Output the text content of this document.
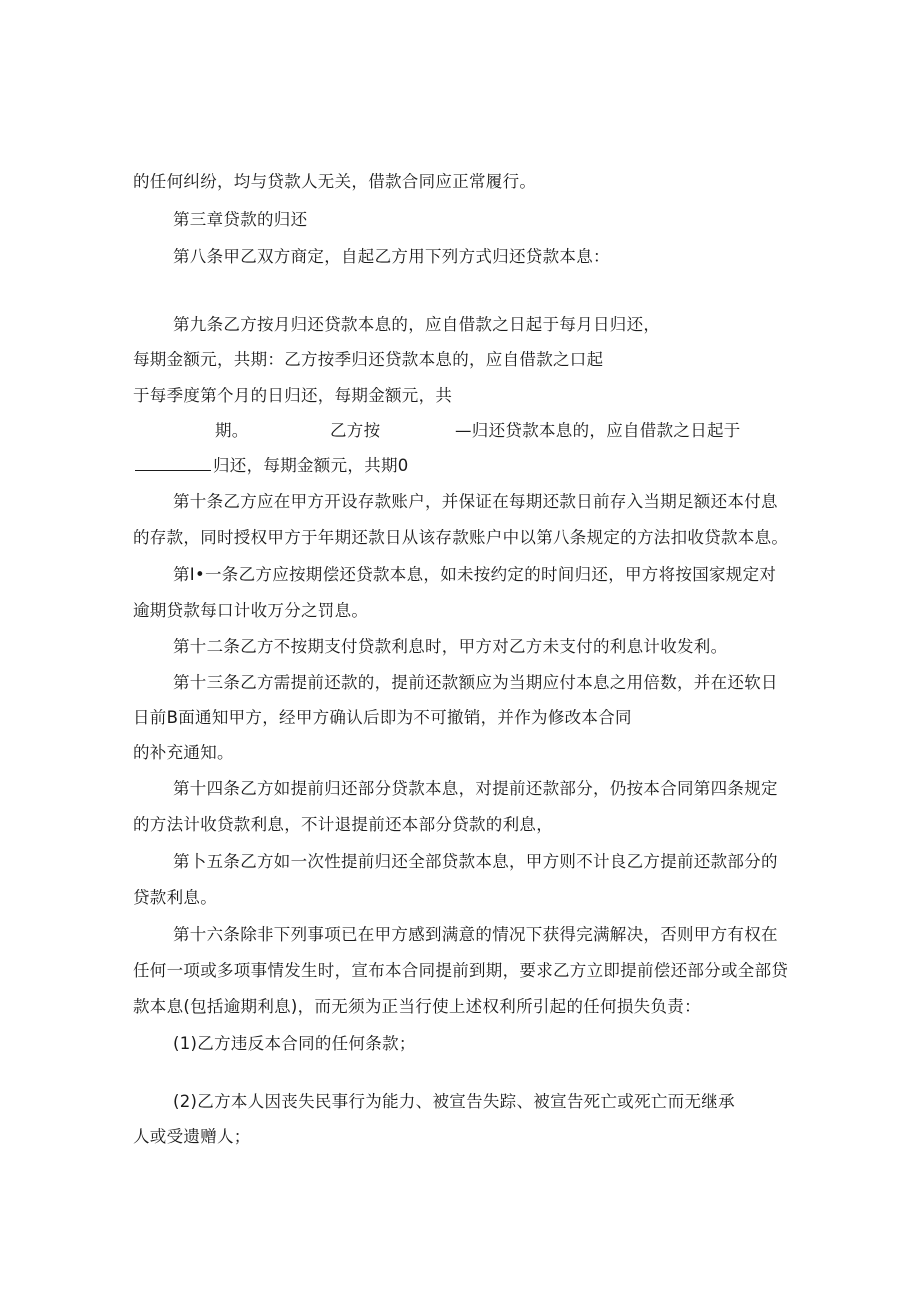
的任何纠纷，均与贷款人无关，借款合同应正常履行。
第三章贷款的归还
第八条甲乙双方商定，自起乙方用下列方式归还贷款本息：
第九条乙方按月归还贷款本息的，应自借款之日起于每月日归还，
每期金额元，共期：乙方按季归还贷款本息的，应自借款之口起
于每季度第个月的日归还，每期金额元，共
期。	乙方按	—归还贷款本息的，应自借款之日起于
归还，每期金额元，共期0
第十条乙方应在甲方开设存款账户，并保证在每期还款日前存入当期足额还本付息
的存款，同时授权甲方于年期还款日从该存款账户中以第八条规定的方法扣收贷款本息。
第I•一条乙方应按期偿还贷款本息，如未按约定的时间归还，甲方将按国家规定对
逾期贷款每口计收万分之罚息。
第十二条乙方不按期支付贷款利息时，甲方对乙方未支付的利息计收发利。
第十三条乙方需提前还款的，提前还款额应为当期应付本息之用倍数，并在还软日
日前B面通知甲方，经甲方确认后即为不可撤销，并作为修改本合同
的补充通知。
第十四条乙方如提前归还部分贷款本息，对提前还款部分，仍按本合同第四条规定
的方法计收贷款利息，不计退提前还本部分贷款的利息，
第卜五条乙方如一次性提前归还全部贷款本息，甲方则不计良乙方提前还款部分的
贷款利息。
第十六条除非下列事项已在甲方感到满意的情况下获得完满解决，否则甲方有权在
任何一项或多项事情发生时，宣布本合同提前到期，要求乙方立即提前偿还部分或全部贷
款本息(包括逾期利息)，而无须为正当行使上述权利所引起的任何损失负责：
(1)乙方违反本合同的任何条款；
(2)乙方本人因丧失民事行为能力、被宣告失踪、被宣告死亡或死亡而无继承
人或受遗赠人；
